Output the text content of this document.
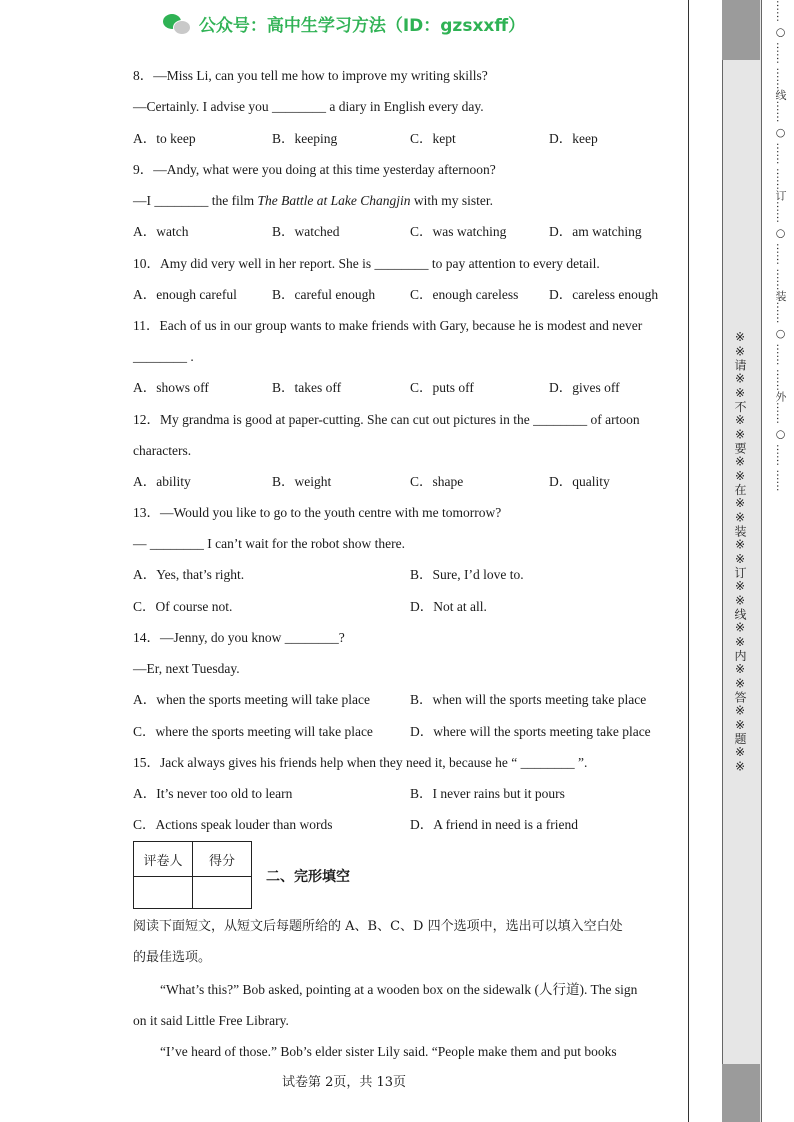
公众号：高中生学习方法（ID：gzsxxff）
8．—Miss Li, can you tell me how to improve my writing skills?
—Certainly. I advise you ________ a diary in English every day.
A．to keep	B．keeping	C．kept	D．keep
9．—Andy, what were you doing at this time yesterday afternoon?
—I ________ the film The Battle at Lake Changjin with my sister.
A．watch	B．watched	C．was watching	D．am watching
10．Amy did very well in her report. She is ________ to pay attention to every detail.
A．enough careful	B．careful enough	C．enough careless D．careless enough
11．Each of us in our group wants to make friends with Gary, because he is modest and never
________ .
A．shows off	B．takes off	C．puts off	D．gives off
12．My grandma is good at paper-cutting. She can cut out pictures in the ________ of artoon
characters.
A．ability	B．weight	C．shape	D．quality
13．—Would you like to go to the youth centre with me tomorrow?
— ________ I can’t wait for the robot show there.
A．Yes, that’s right.	B．Sure, I’d love to.
C．Of course not.	D．Not at all.
14．—Jenny, do you know ________?
—Er, next Tuesday.
A．when the sports meeting will take place	B．when will the sports meeting take place
C．where the sports meeting will take place	D．where will the sports meeting take place
15．Jack always gives his friends help when they need it, because he “ ________ ”.
A．It’s never too old to learn	B．I never rains but it pours
C．Actions speak louder than words	D．A friend in need is a friend
评卷人	得分

二、完形填空
阅读下面短文，从短文后每题所给的 A、B、C、D 四个选项中，选出可以填入空白处
的最佳选项。
“What’s this?” Bob asked, pointing at a wooden box on the sidewalk (人行道). The sign
on it said Little Free Library.
“I’ve heard of those.” Bob’s elder sister Lily said. “People make them and put books
试卷第 2页，共 13页
※※请※※不※※要※※在※※装※※订※※线※※内※※答※※题※※
…… ○ …… ……线…… ○ …… ……订…… ○ …… ……装…… ○ …… ……外…… ○ …… ……
